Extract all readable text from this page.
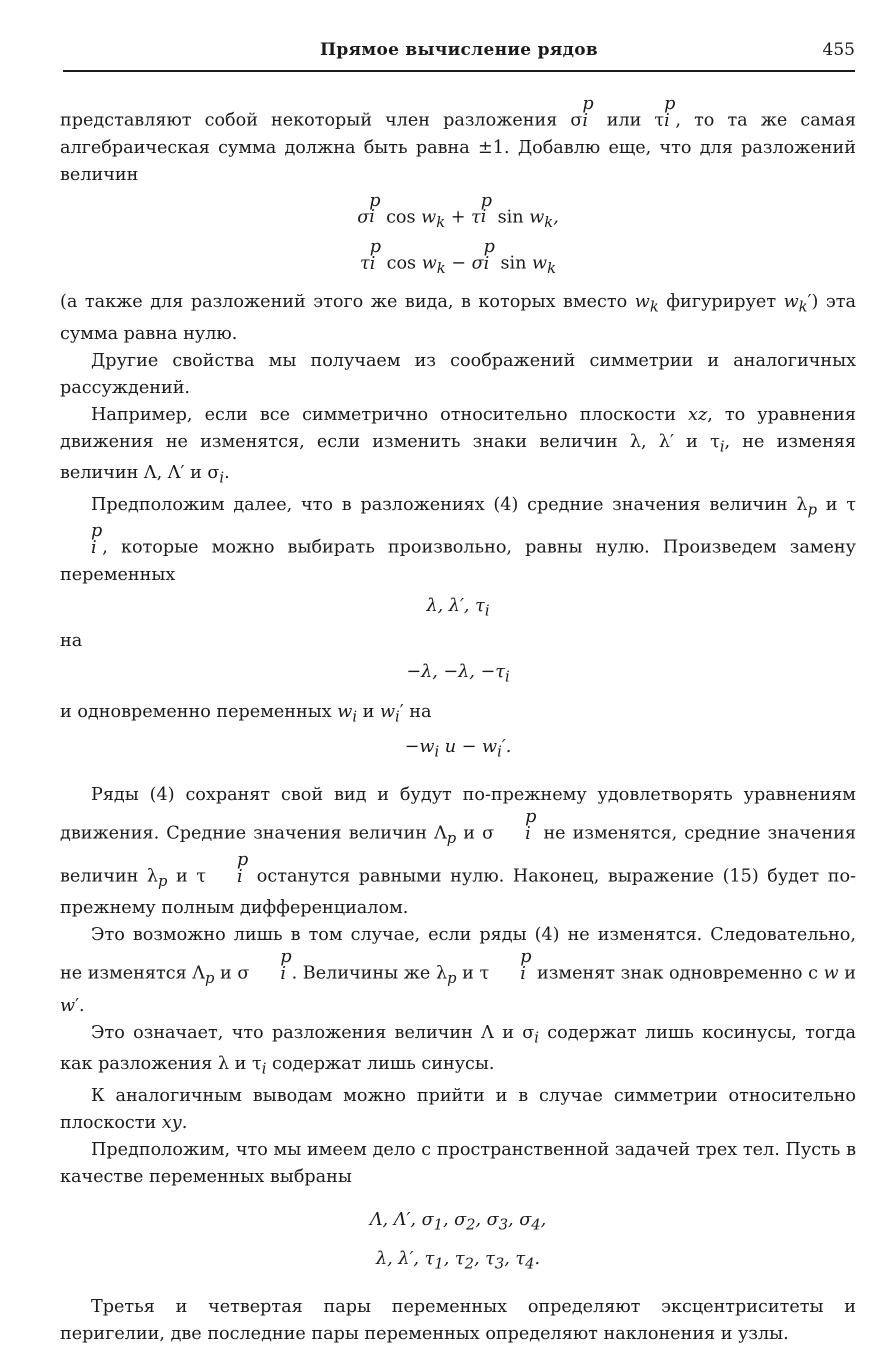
Прямое вычисление рядов	455

представляют собой некоторый член разложения σ
p
i или τ
p
i , то та же самая алгебраическая сумма должна быть равна ±1. Добавлю еще, что для разложений величин

σ
p
i $\cos w_k + \tau$
p
i $\sin w_k$,
τ
p
i $\cos w_k - \sigma$
p
i $\sin w_k$

(а также для разложений этого же вида, в которых вместо $w_k$ фигурирует $w_k'$) эта сумма равна нулю.

Другие свойства мы получаем из соображений симметрии и аналогичных рассуждений.

Например, если все симметрично относительно плоскости xz, то уравнения движения не изменятся, если изменить знаки величин λ, λ′ и $\tau_i$, не изменяя величин Λ, Λ′ и $\sigma_i$.

Предположим далее, что в разложениях (4) средние значения величин $\lambda_p$ и τ
p
i , которые можно выбирать произвольно, равны нулю. Произведем замену переменных

λ, λ′, $\tau_i$

на

−λ, −λ, $-\tau_i$

и одновременно переменных $w_i$ и $w_i'$ на

$-w_i$ $и - w_i'$.

Ряды (4) сохранят свой вид и будут по-прежнему удовлетворять уравнениям движения. Средние значения величин $\Lambda_p$ и σ
p
i не изменятся, средние значения величин $\lambda_p$ и τ
p
i останутся равными нулю. Наконец, выражение (15) будет по-прежнему полным дифференциалом.

Это возможно лишь в том случае, если ряды (4) не изменятся. Следовательно, не изменятся $\Lambda_p$ и σ
p
i . Величины же $\lambda_p$ и τ
p
i изменят знак одновременно с w и w′.

Это означает, что разложения величин Λ и $\sigma_i$ содержат лишь косинусы, тогда как разложения λ и $\tau_i$ содержат лишь синусы.

К аналогичным выводам можно прийти и в случае симметрии относительно плоскости xy.

Предположим, что мы имеем дело с пространственной задачей трех тел. Пусть в качестве переменных выбраны

Λ, Λ′, $\sigma_1$, $\sigma_2$, $\sigma_3$, $\sigma_4$,
λ, λ′, $\tau_1$, $\tau_2$, $\tau_3$, $\tau_4$.

Третья и четвертая пары переменных определяют эксцентриситеты и перигелии, две последние пары переменных определяют наклонения и узлы.
